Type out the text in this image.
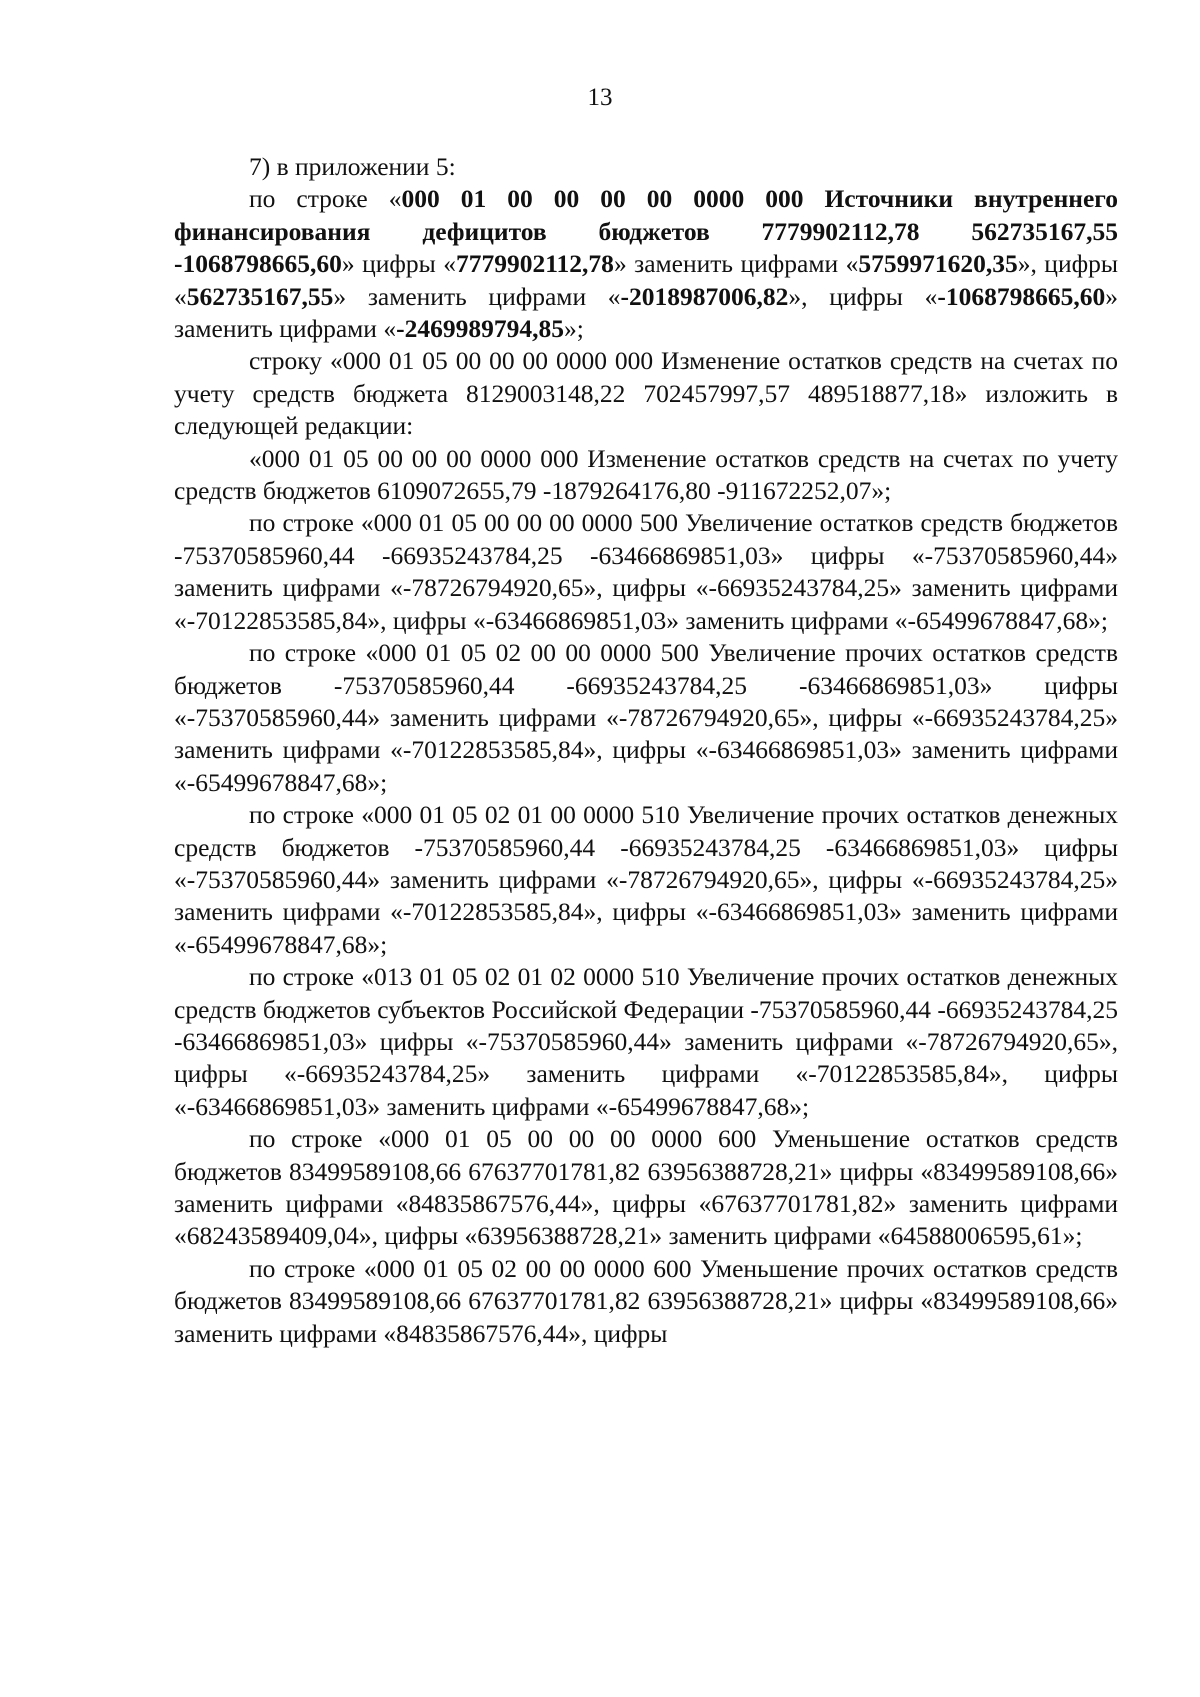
13

7) в приложении 5:

по строке «000 01 00 00 00 00 0000 000 Источники внутреннего финансирования дефицитов бюджетов 7779902112,78 562735167,55 -1068798665,60» цифры «7779902112,78» заменить цифрами «5759971620,35», цифры «562735167,55» заменить цифрами «-2018987006,82», цифры «-1068798665,60» заменить цифрами «-2469989794,85»;

строку «000 01 05 00 00 00 0000 000 Изменение остатков средств на счетах по учету средств бюджета 8129003148,22 702457997,57 489518877,18» изложить в следующей редакции:

«000 01 05 00 00 00 0000 000 Изменение остатков средств на счетах по учету средств бюджетов 6109072655,79 -1879264176,80 -911672252,07»;

по строке «000 01 05 00 00 00 0000 500 Увеличение остатков средств бюджетов -75370585960,44 -66935243784,25 -63466869851,03» цифры «-75370585960,44» заменить цифрами «-78726794920,65», цифры «-66935243784,25» заменить цифрами «-70122853585,84», цифры «-63466869851,03» заменить цифрами «-65499678847,68»;

по строке «000 01 05 02 00 00 0000 500 Увеличение прочих остатков средств бюджетов -75370585960,44 -66935243784,25 -63466869851,03» цифры «-75370585960,44» заменить цифрами «-78726794920,65», цифры «-66935243784,25» заменить цифрами «-70122853585,84», цифры «-63466869851,03» заменить цифрами «-65499678847,68»;

по строке «000 01 05 02 01 00 0000 510 Увеличение прочих остатков денежных средств бюджетов -75370585960,44 -66935243784,25 -63466869851,03» цифры «-75370585960,44» заменить цифрами «-78726794920,65», цифры «-66935243784,25» заменить цифрами «-70122853585,84», цифры «-63466869851,03» заменить цифрами «-65499678847,68»;

по строке «013 01 05 02 01 02 0000 510 Увеличение прочих остатков денежных средств бюджетов субъектов Российской Федерации -75370585960,44 -66935243784,25 -63466869851,03» цифры «-75370585960,44» заменить цифрами «-78726794920,65», цифры «-66935243784,25» заменить цифрами «-70122853585,84», цифры «-63466869851,03» заменить цифрами «-65499678847,68»;

по строке «000 01 05 00 00 00 0000 600 Уменьшение остатков средств бюджетов 83499589108,66 67637701781,82 63956388728,21» цифры «83499589108,66» заменить цифрами «84835867576,44», цифры «67637701781,82» заменить цифрами «68243589409,04», цифры «63956388728,21» заменить цифрами «64588006595,61»;

по строке «000 01 05 02 00 00 0000 600 Уменьшение прочих остатков средств бюджетов 83499589108,66 67637701781,82 63956388728,21» цифры «83499589108,66» заменить цифрами «84835867576,44», цифры
